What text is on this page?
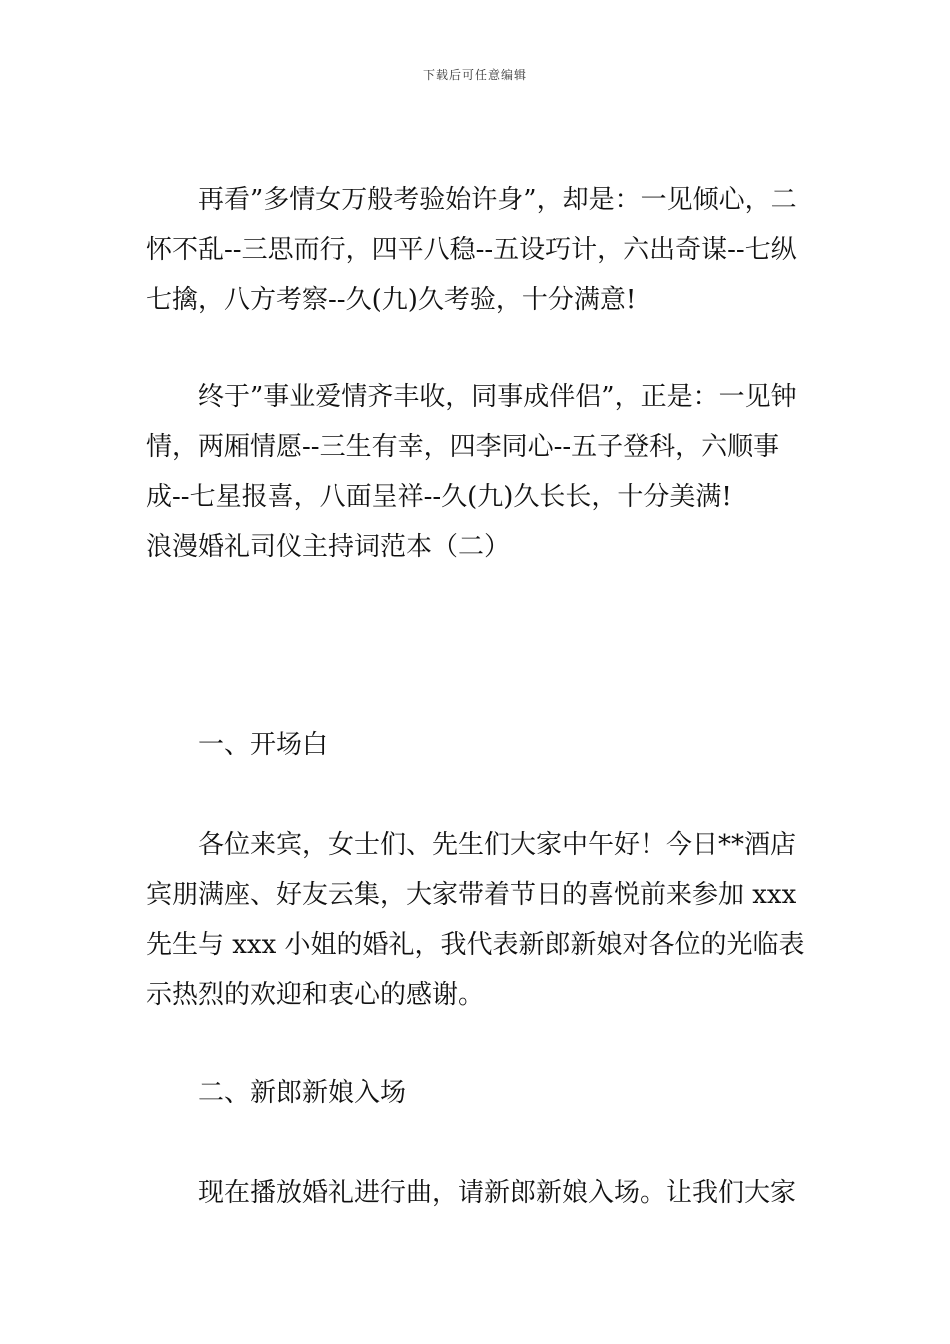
下载后可任意编辑

再看”多情女万般考验始许身”，却是：一见倾心，二怀不乱--三思而行，四平八稳--五设巧计，六出奇谋--七纵七擒，八方考察--久(九)久考验，十分满意!

终于”事业爱情齐丰收，同事成伴侣”，正是：一见钟情，两厢情愿--三生有幸，四李同心--五子登科，六顺事成--七星报喜，八面呈祥--久(九)久长长，十分美满!

浪漫婚礼司仪主持词范本（二）

一、开场白

各位来宾，女士们、先生们大家中午好！今日**酒店宾朋满座、好友云集，大家带着节日的喜悦前来参加 xxx 先生与 xxx 小姐的婚礼，我代表新郎新娘对各位的光临表示热烈的欢迎和衷心的感谢。

二、新郎新娘入场

现在播放婚礼进行曲，请新郎新娘入场。让我们大家
